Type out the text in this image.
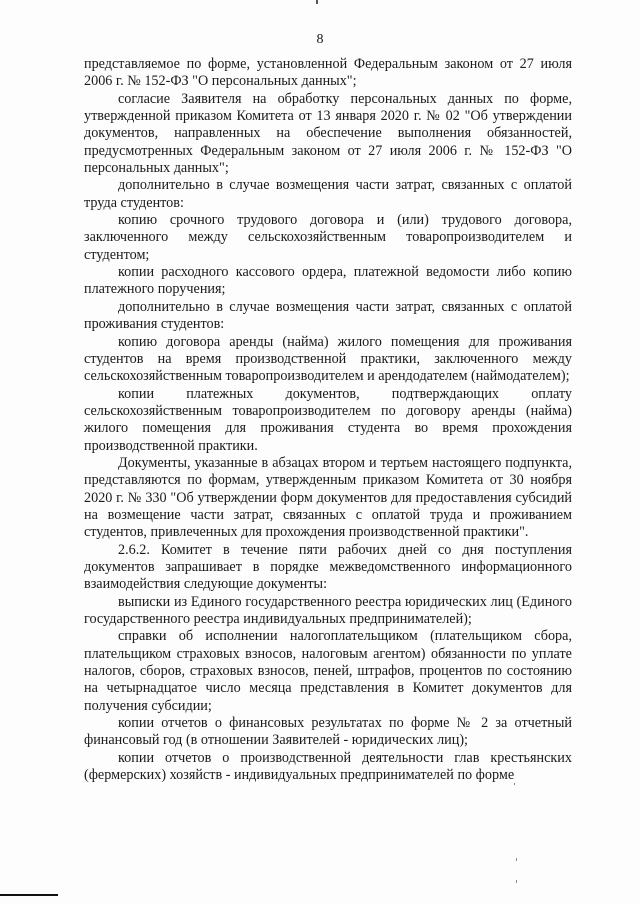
8

представляемое по форме, установленной Федеральным законом от 27 июля 2006 г. № 152-ФЗ "О персональных данных";

согласие Заявителя на обработку персональных данных по форме, утвержденной приказом Комитета от 13 января 2020 г. № 02 "Об утверждении документов, направленных на обеспечение выполнения обязанностей, предусмотренных Федеральным законом от 27 июля 2006 г. № 152-ФЗ "О персональных данных";

дополнительно в случае возмещения части затрат, связанных с оплатой труда студентов:

копию срочного трудового договора и (или) трудового договора, заключенного между сельскохозяйственным товаропроизводителем и студентом;

копии расходного кассового ордера, платежной ведомости либо копию платежного поручения;

дополнительно в случае возмещения части затрат, связанных с оплатой проживания студентов:

копию договора аренды (найма) жилого помещения для проживания студентов на время производственной практики, заключенного между сельскохозяйственным товаропроизводителем и арендодателем (наймодателем);

копии платежных документов, подтверждающих оплату сельскохозяйственным товаропроизводителем по договору аренды (найма) жилого помещения для проживания студента во время прохождения производственной практики.

Документы, указанные в абзацах втором и тертьем настоящего подпункта, представляются по формам, утвержденным приказом Комитета от 30 ноября 2020 г. № 330 "Об утверждении форм документов для предоставления субсидий на возмещение части затрат, связанных с оплатой труда и проживанием студентов, привлеченных для прохождения производственной практики".

2.6.2. Комитет в течение пяти рабочих дней со дня поступления документов запрашивает в порядке межведомственного информационного взаимодействия следующие документы:

выписки из Единого государственного реестра юридических лиц (Единого государственного реестра индивидуальных предпринимателей);

справки об исполнении налогоплательщиком (плательщиком сбора, плательщиком страховых взносов, налоговым агентом) обязанности по уплате налогов, сборов, страховых взносов, пеней, штрафов, процентов по состоянию на четырнадцатое число месяца представления в Комитет документов для получения субсидии;

копии отчетов о финансовых результатах по форме № 2 за отчетный финансовый год (в отношении Заявителей - юридических лиц);

копии отчетов о производственной деятельности глав крестьянских (фермерских) хозяйств - индивидуальных предпринимателей по форме
